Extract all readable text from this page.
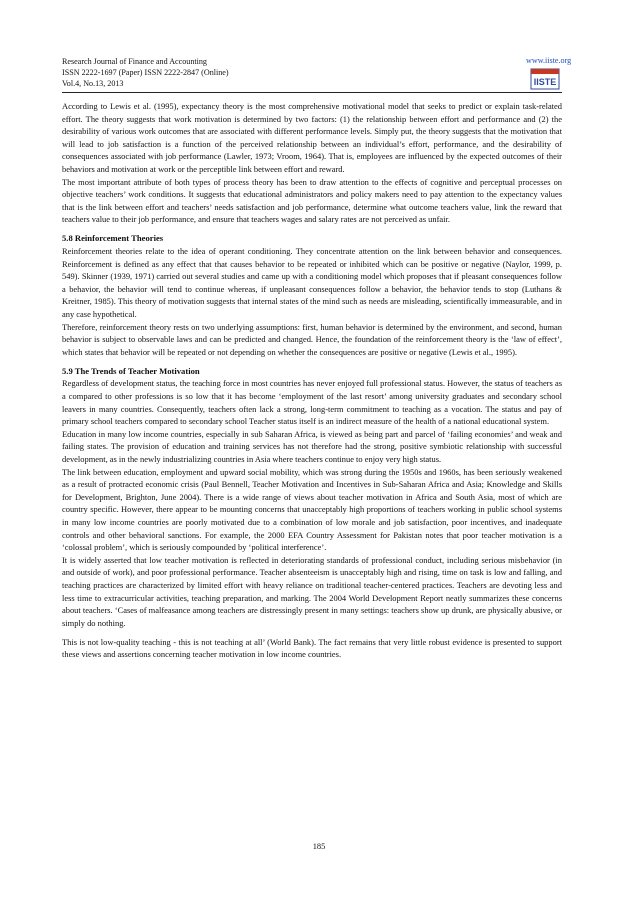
Research Journal of Finance and Accounting
ISSN 2222-1697 (Paper) ISSN 2222-2847 (Online)
Vol.4, No.13, 2013
www.iiste.org
IISTE

According to Lewis et al. (1995), expectancy theory is the most comprehensive motivational model that seeks to predict or explain task-related effort. The theory suggests that work motivation is determined by two factors: (1) the relationship between effort and performance and (2) the desirability of various work outcomes that are associated with different performance levels. Simply put, the theory suggests that the motivation that will lead to job satisfaction is a function of the perceived relationship between an individual’s effort, performance, and the desirability of consequences associated with job performance (Lawler, 1973; Vroom, 1964). That is, employees are influenced by the expected outcomes of their behaviors and motivation at work or the perceptible link between effort and reward.

The most important attribute of both types of process theory has been to draw attention to the effects of cognitive and perceptual processes on objective teachers’ work conditions. It suggests that educational administrators and policy makers need to pay attention to the expectancy values that is the link between effort and teachers’ needs satisfaction and job performance, determine what outcome teachers value, link the reward that teachers value to their job performance, and ensure that teachers wages and salary rates are not perceived as unfair.

5.8 Reinforcement Theories

Reinforcement theories relate to the idea of operant conditioning. They concentrate attention on the link between behavior and consequences. Reinforcement is defined as any effect that that causes behavior to be repeated or inhibited which can be positive or negative (Naylor, 1999, p. 549). Skinner (1939, 1971) carried out several studies and came up with a conditioning model which proposes that if pleasant consequences follow a behavior, the behavior will tend to continue whereas, if unpleasant consequences follow a behavior, the behavior tends to stop (Luthans & Kreitner, 1985). This theory of motivation suggests that internal states of the mind such as needs are misleading, scientifically immeasurable, and in any case hypothetical.

Therefore, reinforcement theory rests on two underlying assumptions: first, human behavior is determined by the environment, and second, human behavior is subject to observable laws and can be predicted and changed. Hence, the foundation of the reinforcement theory is the ‘law of effect’, which states that behavior will be repeated or not depending on whether the consequences are positive or negative (Lewis et al., 1995).

5.9 The Trends of Teacher Motivation

Regardless of development status, the teaching force in most countries has never enjoyed full professional status. However, the status of teachers as a compared to other professions is so low that it has become ‘employment of the last resort’ among university graduates and secondary school leavers in many countries. Consequently, teachers often lack a strong, long-term commitment to teaching as a vocation. The status and pay of primary school teachers compared to secondary school Teacher status itself is an indirect measure of the health of a national educational system.

Education in many low income countries, especially in sub Saharan Africa, is viewed as being part and parcel of ‘failing economies’ and weak and failing states. The provision of education and training services has not therefore had the strong, positive symbiotic relationship with successful development, as in the newly industrializing countries in Asia where teachers continue to enjoy very high status.

The link between education, employment and upward social mobility, which was strong during the 1950s and 1960s, has been seriously weakened as a result of protracted economic crisis (Paul Bennell, Teacher Motivation and Incentives in Sub-Saharan Africa and Asia; Knowledge and Skills for Development, Brighton, June 2004). There is a wide range of views about teacher motivation in Africa and South Asia, most of which are country specific. However, there appear to be mounting concerns that unacceptably high proportions of teachers working in public school systems in many low income countries are poorly motivated due to a combination of low morale and job satisfaction, poor incentives, and inadequate controls and other behavioral sanctions. For example, the 2000 EFA Country Assessment for Pakistan notes that poor teacher motivation is a ‘colossal problem’, which is seriously compounded by ‘political interference’.

It is widely asserted that low teacher motivation is reflected in deteriorating standards of professional conduct, including serious misbehavior (in and outside of work), and poor professional performance. Teacher absenteeism is unacceptably high and rising, time on task is low and falling, and teaching practices are characterized by limited effort with heavy reliance on traditional teacher-centered practices. Teachers are devoting less and less time to extracurricular activities, teaching preparation, and marking. The 2004 World Development Report neatly summarizes these concerns about teachers. ‘Cases of malfeasance among teachers are distressingly present in many settings: teachers show up drunk, are physically abusive, or simply do nothing.

This is not low-quality teaching - this is not teaching at all’ (World Bank). The fact remains that very little robust evidence is presented to support these views and assertions concerning teacher motivation in low income countries.

185
